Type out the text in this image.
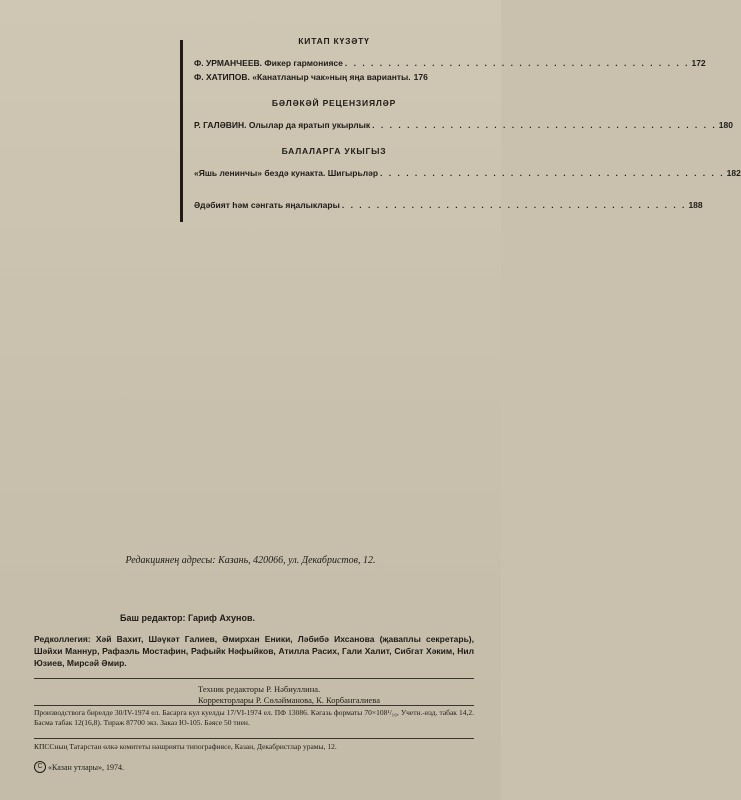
КИТАП КҮЗӘТҮ
Ф. УРМАНЧЕЕВ. Фикер гармониясе . . .	172
Ф. ХАТИПОВ. «Канатланыр чак»ның яңа варианты. 176
БӘЛӘКӘЙ РЕЦЕНЗИЯЛӘР
Р. ГАЛӘВИН. Олылар да яратып укырлык . . .	180
БАЛАЛАРГА УКЫГЫЗ
«Яшь ленинчы» бездә кунакта. Шигырьләр . . .	182
Әдәбият һәм сәнгать яңалыклары . . .	188
Редакциянең адресы: Казань, 420066, ул. Декабристов, 12.
Баш редактор: Гариф Ахунов.
Редколлегия: Хәй Вахит, Шәүкәт Галиев, Әмирхан Еники, Ләбибә Ихсанова (җаваплы секретарь), Шәйхи Маннур, Рафаэль Мостафин, Рафыйк Нәфыйков, Атилла Расих, Гали Халит, Сибгат Хәким, Нил Юзиев, Мирсәй Әмир.
Техник редакторы Р. Нәбиуллина.
Корректорлары Р. Сөләйманова, К. Корбангалиева
Производствога бирелде 30/IV-1974 ел. Басарга кул куелды 17/VI-1974 ел. ПФ 13086. Кәгазь форматы 70×108¹/₁₆, Учетн.-изд. табак 14,2. Басма табак 12(16,8). Тираж 87700 экз. Заказ Ю-105. Бәясе 50 тиен.
КПССның Татарстан өлкә комитеты нәшрияты типографиясе, Казан, Декабристлар урамы, 12.
C «Казан утлары», 1974.
